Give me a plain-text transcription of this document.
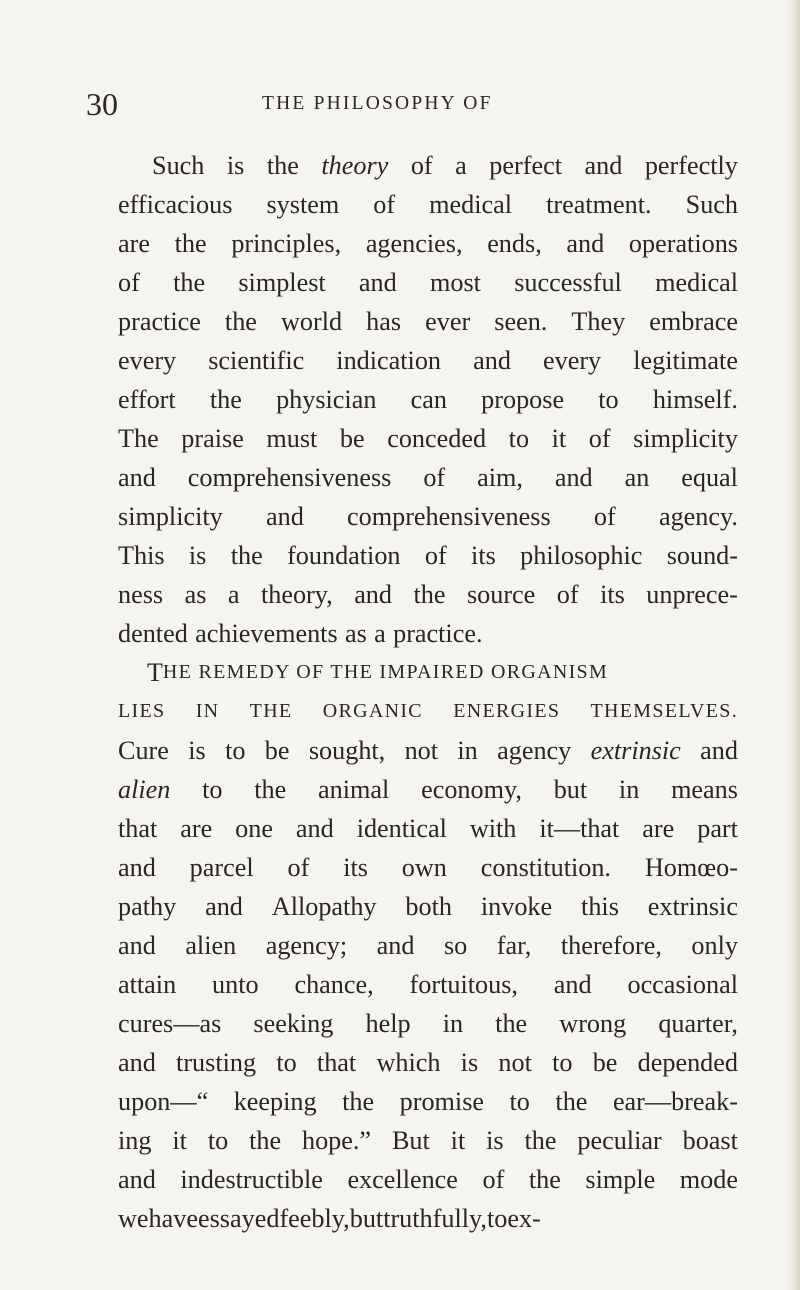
30	THE PHILOSOPHY OF
Such is the theory of a perfect and perfectly
efficacious system of medical treatment. Such
are the principles, agencies, ends, and operations
of the simplest and most successful medical
practice the world has ever seen. They embrace
every scientific indication and every legitimate
effort the physician can propose to himself.
The praise must be conceded to it of simplicity
and comprehensiveness of aim, and an equal
simplicity and comprehensiveness of agency.
This is the foundation of its philosophic sound-
ness as a theory, and the source of its unprece-
dented achievements as a practice.
T HE REMEDY OF THE IMPAIRED ORGANISM
LIES IN THE ORGANIC ENERGIES THEMSELVES.
Cure is to be sought, not in agency extrinsic and
alien to the animal economy, but in means
that are one and identical with it—that are part
and parcel of its own constitution. Homœo-
pathy and Allopathy both invoke this extrinsic
and alien agency; and so far, therefore, only
attain unto chance, fortuitous, and occasional
cures—as seeking help in the wrong quarter,
and trusting to that which is not to be depended
upon—“ keeping the promise to the ear—break-
ing it to the hope.” But it is the peculiar boast
and indestructible excellence of the simple mode
we have essayed feebly, but truthfully, to ex-
